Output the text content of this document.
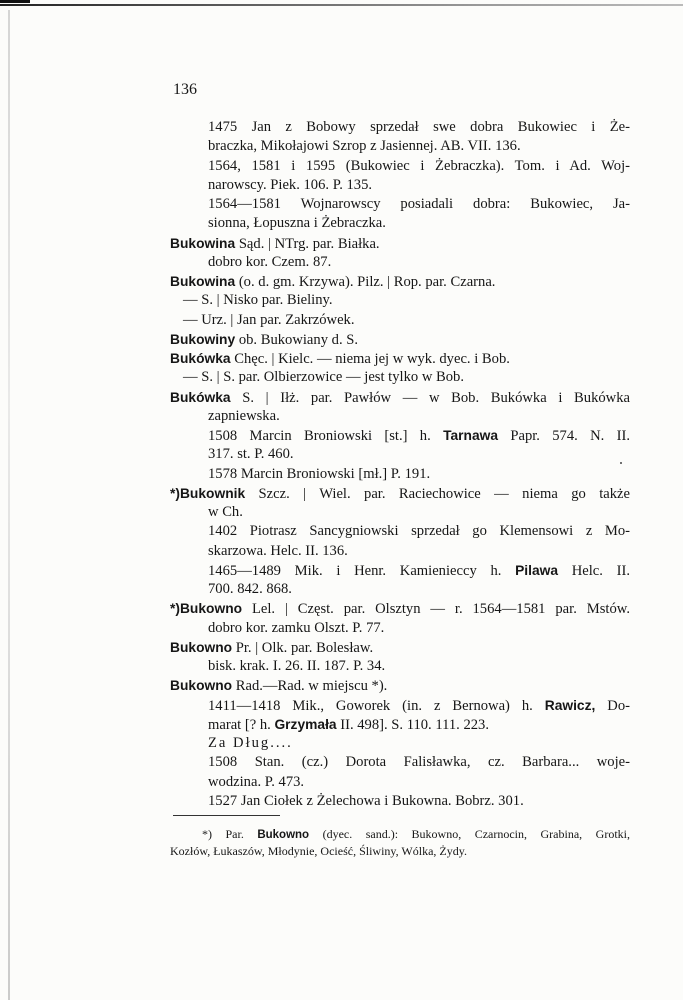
136
1475 Jan z Bobowy sprzedał swe dobra Bukowiec i Że-
braczka, Mikołajowi Szrop z Jasiennej. AB. VII. 136.
1564, 1581 i 1595 (Bukowiec i Żebraczka). Tom. i Ad. Woj-
narowscy. Piek. 106. P. 135.
1564—1581 Wojnarowscy posiadali dobra: Bukowiec, Ja-
sionna, Łopuszna i Żebraczka.
Bukowina Sąd. | NTrg. par. Białka.
dobro kor. Czem. 87.
Bukowina (o. d. gm. Krzywa). Pilz. | Rop. par. Czarna.
— S. | Nisko par. Bieliny.
— Urz. | Jan par. Zakrzówek.
Bukowiny ob. Bukowiany d. S.
Bukówka Chęc. | Kielc. — niema jej w wyk. dyec. i Bob.
— S. | S. par. Olbierzowice — jest tylko w Bob.
Bukówka S. | Iłż. par. Pawłów — w Bob. Bukówka i Bukówka
zapniewska.
1508 Marcin Broniowski [st.] h. Tarnawa Papr. 574. N. II.
317. st. P. 460.
1578 Marcin Broniowski [mł.] P. 191.
*)Bukownik Szcz. | Wiel. par. Raciechowice — niema go także
w Ch.
1402 Piotrasz Sancygniowski sprzedał go Klemensowi z Mo-
skarzowa. Helc. II. 136.
1465—1489 Mik. i Henr. Kamienieccy h. Pilawa Helc. II.
700. 842. 868.
*)Bukowno Lel. | Częst. par. Olsztyn — r. 1564—1581 par. Mstów.
dobro kor. zamku Olszt. P. 77.
Bukowno Pr. | Olk. par. Bolesław.
bisk. krak. I. 26. II. 187. P. 34.
Bukowno Rad.—Rad. w miejscu *).
1411—1418 Mik., Goworek (in. z Bernowa) h. Rawicz, Do-
marat [? h. Grzymała II. 498]. S. 110. 111. 223.
Za Dług....
1508 Stan. (cz.) Dorota Falisławka, cz. Barbara... woje-
wodzina. P. 473.
1527 Jan Ciołek z Żelechowa i Bukowna. Bobrz. 301.
*) Par. Bukowno (dyec. sand.): Bukowno, Czarnocin, Grabina, Grotki,
Kozłów, Łukaszów, Młodynie, Ocieść, Śliwiny, Wólka, Żydy.
